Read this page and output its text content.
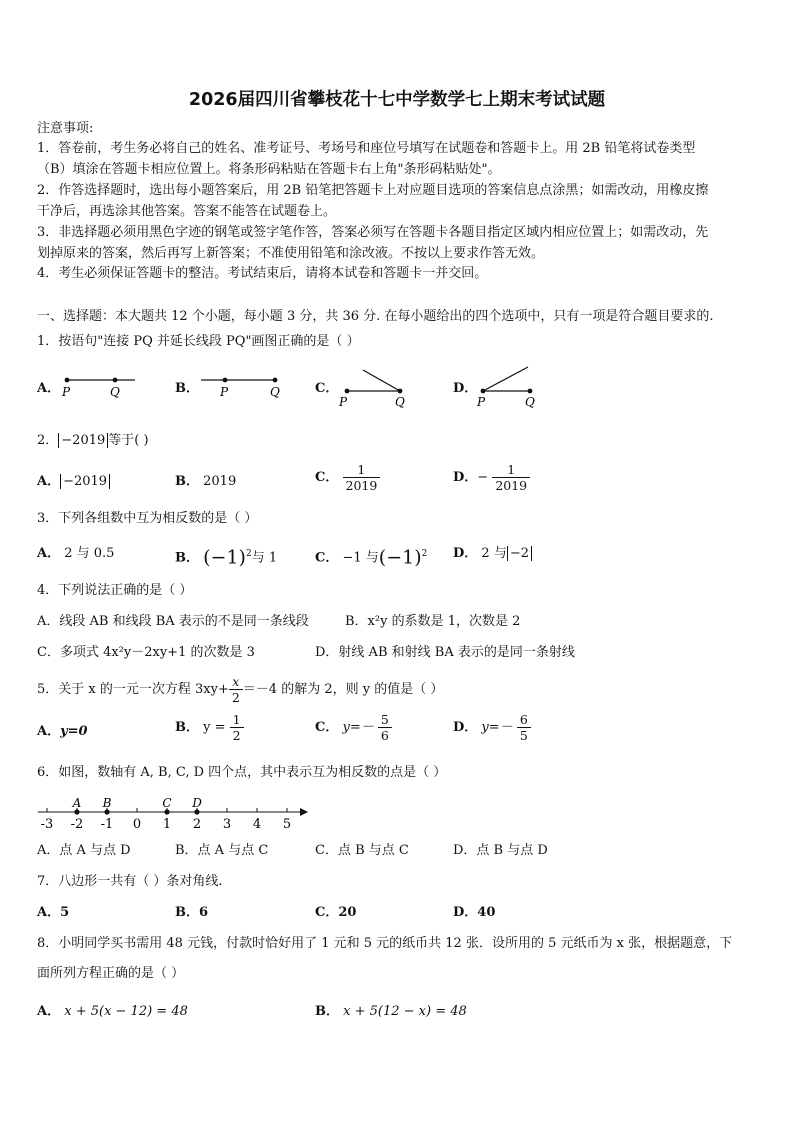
2026届四川省攀枝花十七中学数学七上期末考试试题
注意事项:
1．答卷前，考生务必将自己的姓名、准考证号、考场号和座位号填写在试题卷和答题卡上。用 2B 铅笔将试卷类型
（B）填涂在答题卡相应位置上。将条形码粘贴在答题卡右上角"条形码粘贴处"。
2．作答选择题时，选出每小题答案后，用 2B 铅笔把答题卡上对应题目选项的答案信息点涂黑；如需改动，用橡皮擦
干净后，再选涂其他答案。答案不能答在试题卷上。
3．非选择题必须用黑色字迹的钢笔或签字笔作答，答案必须写在答题卡各题目指定区域内相应位置上；如需改动，先
划掉原来的答案，然后再写上新答案；不准使用铅笔和涂改液。不按以上要求作答无效。
4．考生必须保证答题卡的整洁。考试结束后，请将本试卷和答题卡一并交回。
一、选择题：本大题共 12 个小题，每小题 3 分，共 36 分. 在每小题给出的四个选项中，只有一项是符合题目要求的.
1．按语句"连接 PQ 并延长线段 PQ"画图正确的是（ ）
A．	B．	C．	D．
P	Q	P	Q
P	Q	P	Q
2． −2019 等于( )
A． −2019	B． 2019	C． $\frac{1}{2019}$	D．− $\frac{1}{2019}$
3．下列各组数中互为相反数的是（ ）
A． 2 与 0.5	B． $(-1)^2$与 1	C． −1 与$(-1)^2$ D． 2 与 −2
4．下列说法正确的是（ ）
A．线段 AB 和线段 BA 表示的不是同一条线段	B．x²y 的系数是 1，次数是 2
C．多项式 4x²y－2xy+1 的次数是 3	D．射线 AB 和射线 BA 表示的是同一条射线
5．关于 x 的一元一次方程 $3xy+ \frac{x}{2} =-4$ 的解为 2，则 y 的值是（ ）
A．y=0	B． $y = \frac{1}{2}$	C． $y=- \frac{5}{6}$	D． $y=- \frac{6}{5}$
6．如图，数轴有 A, B, C, D 四个点，其中表示互为相反数的点是（ ）
-3 -2 -1 0 1 2 3 4 5
A B	C D
A．点 A 与点 D	B．点 A 与点 C	C．点 B 与点 C	D．点 B 与点 D
7．八边形一共有（ ）条对角线.
A．5	B．6	C．20	D．40
8．小明同学买书需用 48 元钱，付款时恰好用了 1 元和 5 元的纸币共 12 张．设所用的 5 元纸币为 x 张，根据题意，下
面所列方程正确的是（ ）
A． x + 5(x − 12) = 48	B． x + 5(12 − x) = 48
